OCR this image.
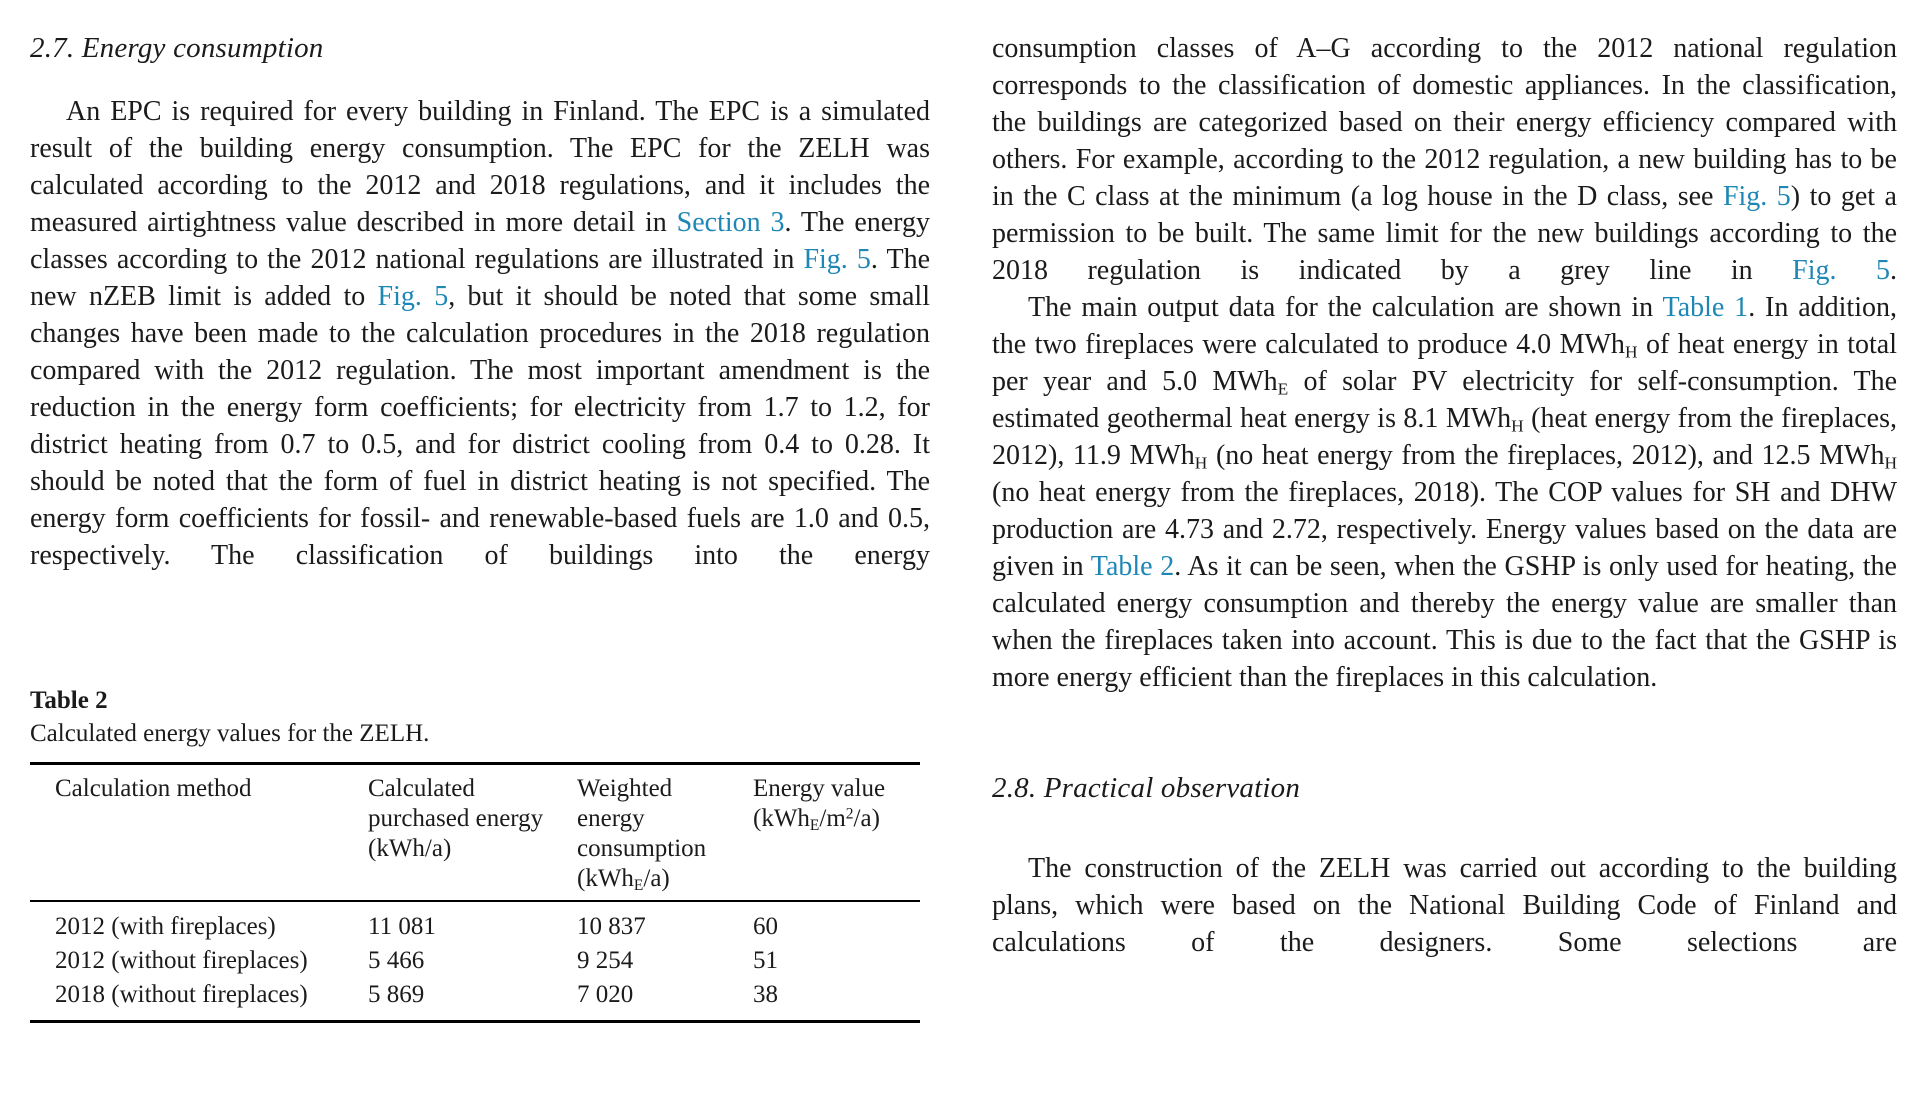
2.7. Energy consumption

An EPC is required for every building in Finland. The EPC is a simulated result of the building energy consumption. The EPC for the ZELH was calculated according to the 2012 and 2018 regulations, and it includes the measured airtightness value described in more detail in Section 3. The energy classes according to the 2012 national regulations are illustrated in Fig. 5. The new nZEB limit is added to Fig. 5, but it should be noted that some small changes have been made to the calculation procedures in the 2018 regulation compared with the 2012 regulation. The most important amendment is the reduction in the energy form coefficients; for electricity from 1.7 to 1.2, for district heating from 0.7 to 0.5, and for district cooling from 0.4 to 0.28. It should be noted that the form of fuel in district heating is not specified. The energy form coefficients for fossil- and renewable-based fuels are 1.0 and 0.5, respectively. The classification of buildings into the energy

Table 2
Calculated energy values for the ZELH.
Calculation method	Calculated purchased energy (kWh/a)	Weighted energy consumption (kWh$_E$/a)	Energy value $(kWh_E/m^2/a)$
2012 (with fireplaces)	11 081	10 837	60
2012 (without fireplaces)	5 466	9 254	51
2018 (without fireplaces)	5 869	7 020	38

consumption classes of A–G according to the 2012 national regulation corresponds to the classification of domestic appliances. In the classification, the buildings are categorized based on their energy efficiency compared with others. For example, according to the 2012 regulation, a new building has to be in the C class at the minimum (a log house in the D class, see Fig. 5) to get a permission to be built. The same limit for the new buildings according to the 2018 regulation is indicated by a grey line in Fig. 5.

The main output data for the calculation are shown in Table 1. In addition, the two fireplaces were calculated to produce 4.0 MWh$_H$ of heat energy in total per year and 5.0 MWh$_E$ of solar PV electricity for self-consumption. The estimated geothermal heat energy is 8.1 MWh$_H$ (heat energy from the fireplaces, 2012), 11.9 MWh$_H$ (no heat energy from the fireplaces, 2012), and 12.5 MWh$_H$ (no heat energy from the fireplaces, 2018). The COP values for SH and DHW production are 4.73 and 2.72, respectively. Energy values based on the data are given in Table 2. As it can be seen, when the GSHP is only used for heating, the calculated energy consumption and thereby the energy value are smaller than when the fireplaces taken into account. This is due to the fact that the GSHP is more energy efficient than the fireplaces in this calculation.

2.8. Practical observation

The construction of the ZELH was carried out according to the building plans, which were based on the National Building Code of Finland and calculations of the designers. Some selections are
